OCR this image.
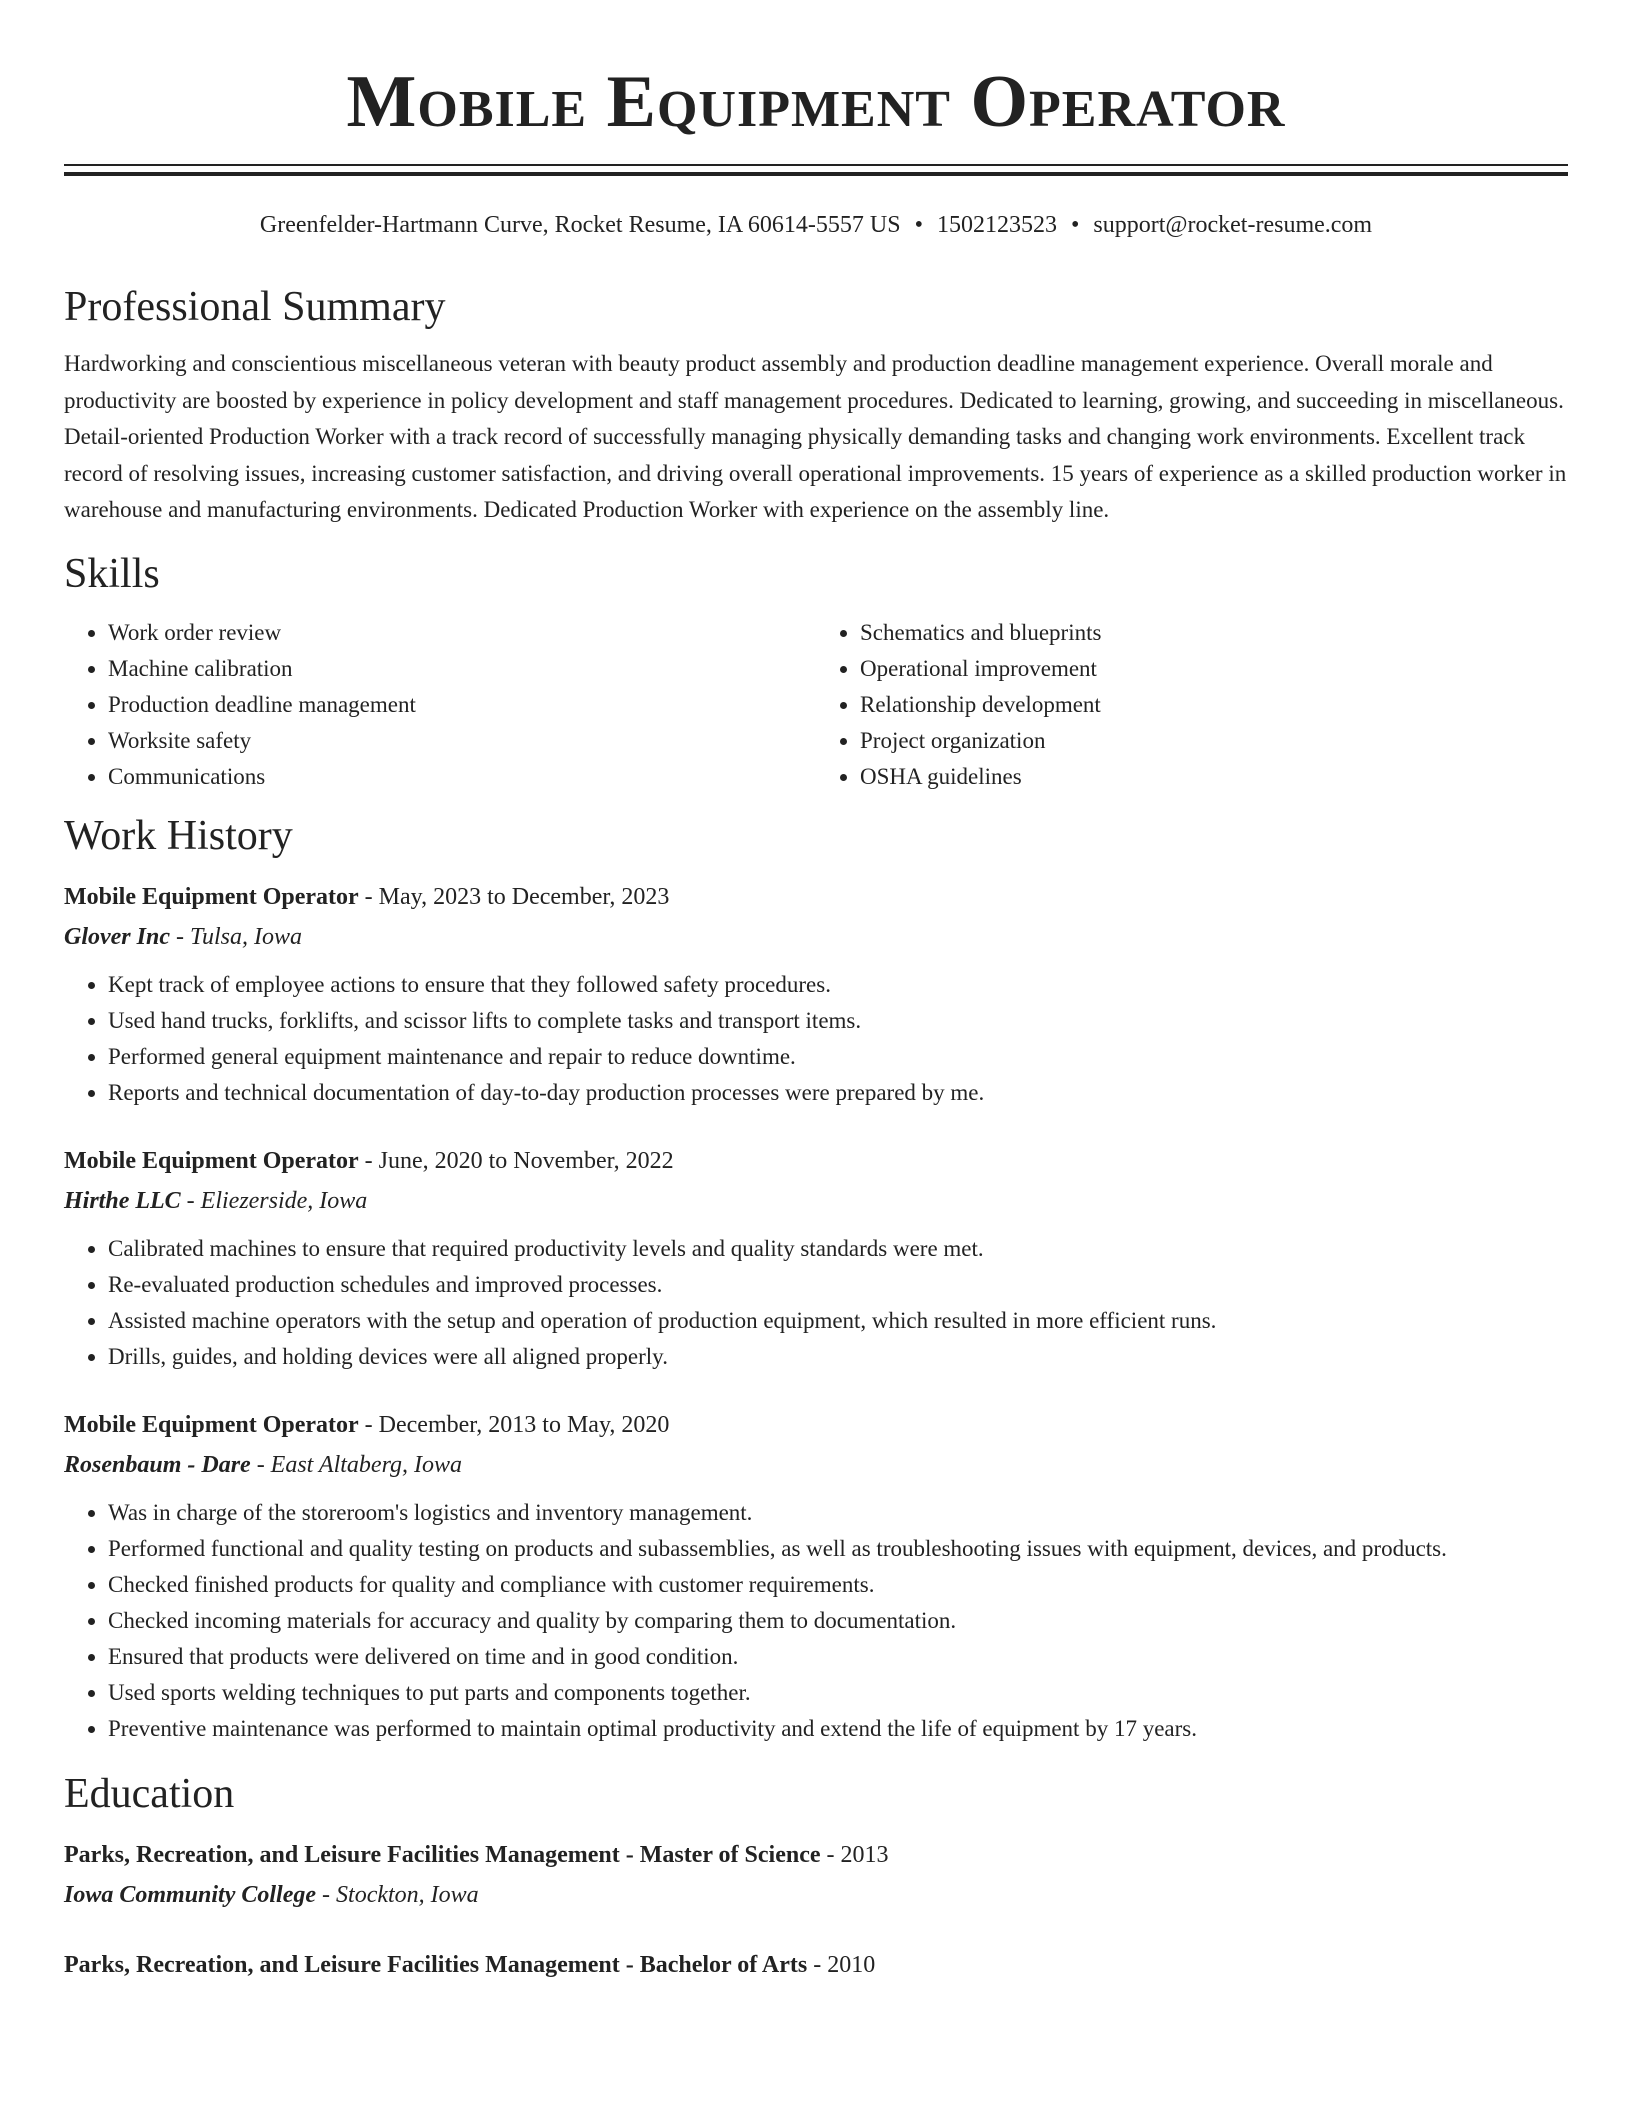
Mobile Equipment Operator
Greenfelder-Hartmann Curve, Rocket Resume, IA 60614-5557 US • 1502123523 • support@rocket-resume.com
Professional Summary

Hardworking and conscientious miscellaneous veteran with beauty product assembly and production deadline management experience. Overall morale and productivity are boosted by experience in policy development and staff management procedures. Dedicated to learning, growing, and succeeding in miscellaneous. Detail-oriented Production Worker with a track record of successfully managing physically demanding tasks and changing work environments. Excellent track record of resolving issues, increasing customer satisfaction, and driving overall operational improvements. 15 years of experience as a skilled production worker in warehouse and manufacturing environments. Dedicated Production Worker with experience on the assembly line.

Skills
• Work order review
• Machine calibration
• Production deadline management
• Worksite safety
• Communications
• Schematics and blueprints
• Operational improvement
• Relationship development
• Project organization
• OSHA guidelines
Work History
Mobile Equipment Operator - May, 2023 to December, 2023
Glover Inc - Tulsa, Iowa
• Kept track of employee actions to ensure that they followed safety procedures.
• Used hand trucks, forklifts, and scissor lifts to complete tasks and transport items.
• Performed general equipment maintenance and repair to reduce downtime.
• Reports and technical documentation of day-to-day production processes were prepared by me.
Mobile Equipment Operator - June, 2020 to November, 2022
Hirthe LLC - Eliezerside, Iowa
• Calibrated machines to ensure that required productivity levels and quality standards were met.
• Re-evaluated production schedules and improved processes.
• Assisted machine operators with the setup and operation of production equipment, which resulted in more efficient runs.
• Drills, guides, and holding devices were all aligned properly.
Mobile Equipment Operator - December, 2013 to May, 2020
Rosenbaum - Dare - East Altaberg, Iowa
• Was in charge of the storeroom's logistics and inventory management.
• Performed functional and quality testing on products and subassemblies, as well as troubleshooting issues with equipment, devices, and products.
• Checked finished products for quality and compliance with customer requirements.
• Checked incoming materials for accuracy and quality by comparing them to documentation.
• Ensured that products were delivered on time and in good condition.
• Used sports welding techniques to put parts and components together.
• Preventive maintenance was performed to maintain optimal productivity and extend the life of equipment by 17 years.
Education
Parks, Recreation, and Leisure Facilities Management - Master of Science - 2013
Iowa Community College - Stockton, Iowa
Parks, Recreation, and Leisure Facilities Management - Bachelor of Arts - 2010
